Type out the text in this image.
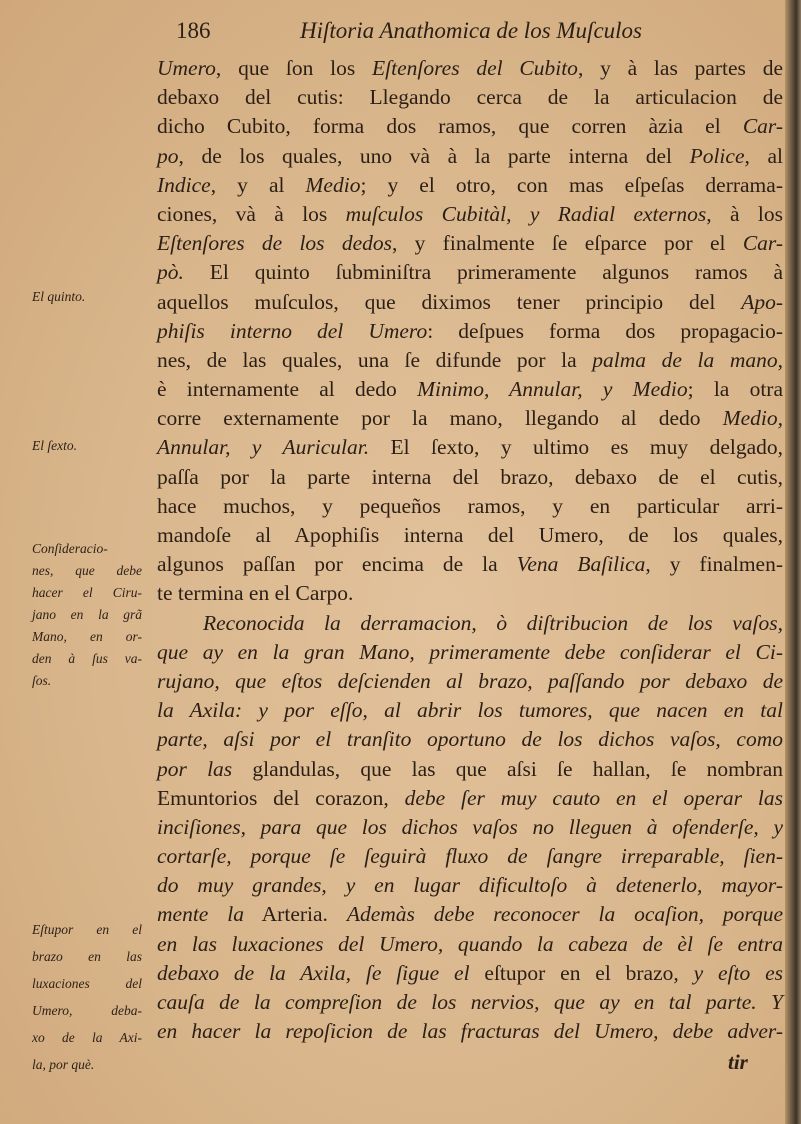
186	Hiſtoria Anathomica de los Muſculos
Umero, que ſon los Eſtenſores del Cubito, y à las partes de
debaxo del cutis: Llegando cerca de la articulacion de
dicho Cubito, forma dos ramos, que corren àzia el Car-
po, de los quales, uno và à la parte interna del Police, al
Indice, y al Medio; y el otro, con mas eſpeſas derrama-
ciones, và à los muſculos Cubitàl, y Radial externos, à los
Eſtenſores de los dedos, y finalmente ſe eſparce por el Car-
pò. El quinto ſubminiſtra primeramente algunos ramos à
aquellos muſculos, que diximos tener principio del Apo-
phiſis interno del Umero: deſpues forma dos propagacio-
nes, de las quales, una ſe difunde por la palma de la mano,
è internamente al dedo Minimo, Annular, y Medio; la otra
corre externamente por la mano, llegando al dedo Medio,
Annular, y Auricular. El ſexto, y ultimo es muy delgado,
paſſa por la parte interna del brazo, debaxo de el cutis,
hace muchos, y pequeños ramos, y en particular arri-
mandoſe al Apophiſis interna del Umero, de los quales,
algunos paſſan por encima de la Vena Baſilica, y finalmen-
te termina en el Carpo.
Reconocida la derramacion, ò diſtribucion de los vaſos,
que ay en la gran Mano, primeramente debe conſiderar el Ci-
rujano, que eſtos deſcienden al brazo, paſſando por debaxo de
la Axila: y por eſſo, al abrir los tumores, que nacen en tal
parte, aſsi por el tranſito oportuno de los dichos vaſos, como
por las glandulas, que las que aſsi ſe hallan, ſe nombran
Emuntorios del corazon, debe ſer muy cauto en el operar las
inciſiones, para que los dichos vaſos no lleguen à ofenderſe, y
cortarſe, porque ſe ſeguirà fluxo de ſangre irreparable, ſien-
do muy grandes, y en lugar dificultoſo à detenerlo, mayor-
mente la Arteria. Ademàs debe reconocer la ocaſion, porque
en las luxaciones del Umero, quando la cabeza de èl ſe entra
debaxo de la Axila, ſe ſigue el eſtupor en el brazo, y eſto es
cauſa de la compreſion de los nervios, que ay en tal parte. Y
en hacer la repoſicion de las fracturas del Umero, debe adver-
El quinto.
El ſexto.
Conſideracio-
nes, que debe
hacer el Ciru-
jano en la grã
Mano, en or-
den à ſus va-
ſos.
Eſtupor en el
brazo en las
luxaciones del
Umero, deba-
xo de la Axi-
la, por què.	tir
